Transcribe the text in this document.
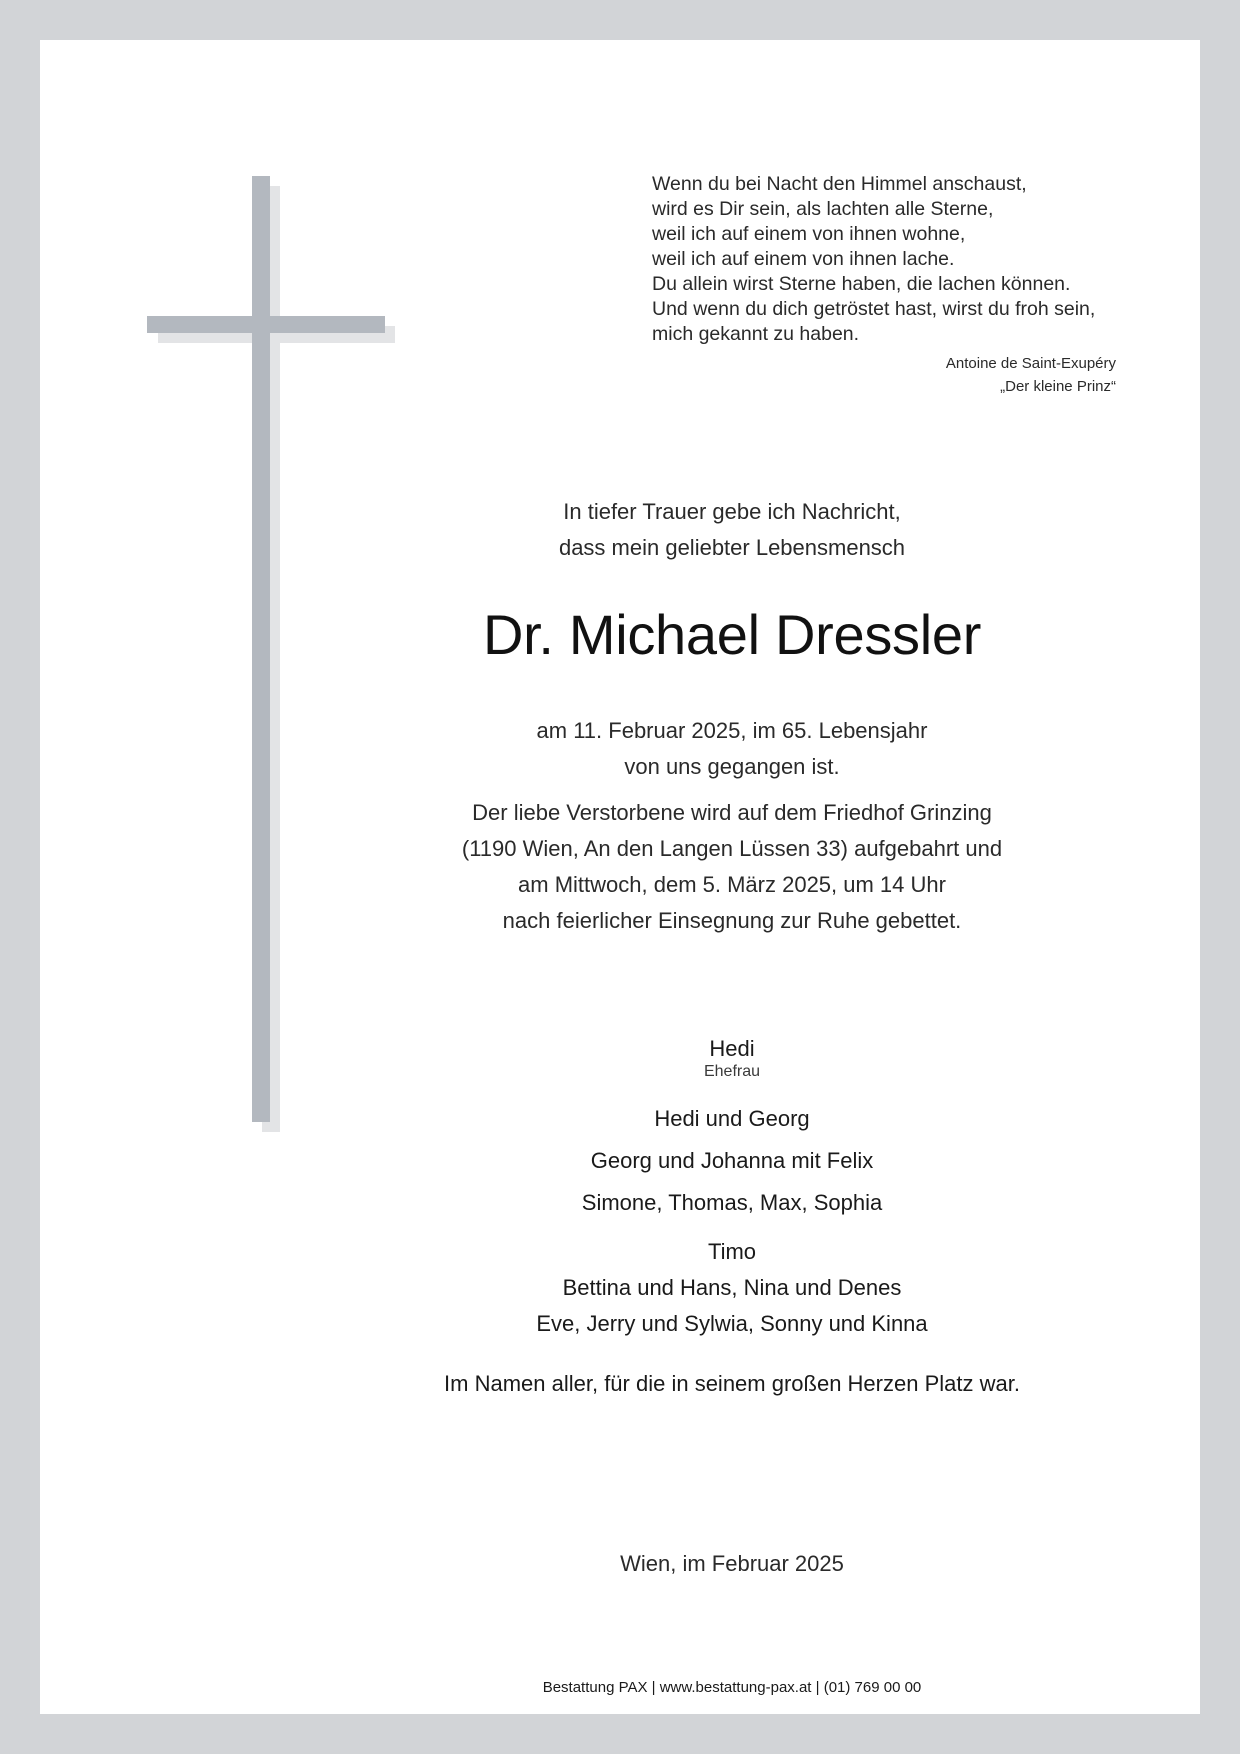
Wenn du bei Nacht den Himmel anschaust,
wird es Dir sein, als lachten alle Sterne,
weil ich auf einem von ihnen wohne,
weil ich auf einem von ihnen lache.
Du allein wirst Sterne haben, die lachen können.
Und wenn du dich getröstet hast, wirst du froh sein,
mich gekannt zu haben.
Antoine de Saint-Exupéry
„Der kleine Prinz“
In tiefer Trauer gebe ich Nachricht,
dass mein geliebter Lebensmensch
Dr. Michael Dressler
am 11. Februar 2025, im 65. Lebensjahr
von uns gegangen ist.
Der liebe Verstorbene wird auf dem Friedhof Grinzing
(1190 Wien, An den Langen Lüssen 33) aufgebahrt und
am Mittwoch, dem 5. März 2025, um 14 Uhr
nach feierlicher Einsegnung zur Ruhe gebettet.
Hedi
Ehefrau
Hedi und Georg
Georg und Johanna mit Felix
Simone, Thomas, Max, Sophia
Timo
Bettina und Hans, Nina und Denes
Eve, Jerry und Sylwia, Sonny und Kinna
Im Namen aller, für die in seinem großen Herzen Platz war.
Wien, im Februar 2025
Bestattung PAX | www.bestattung-pax.at | (01) 769 00 00
